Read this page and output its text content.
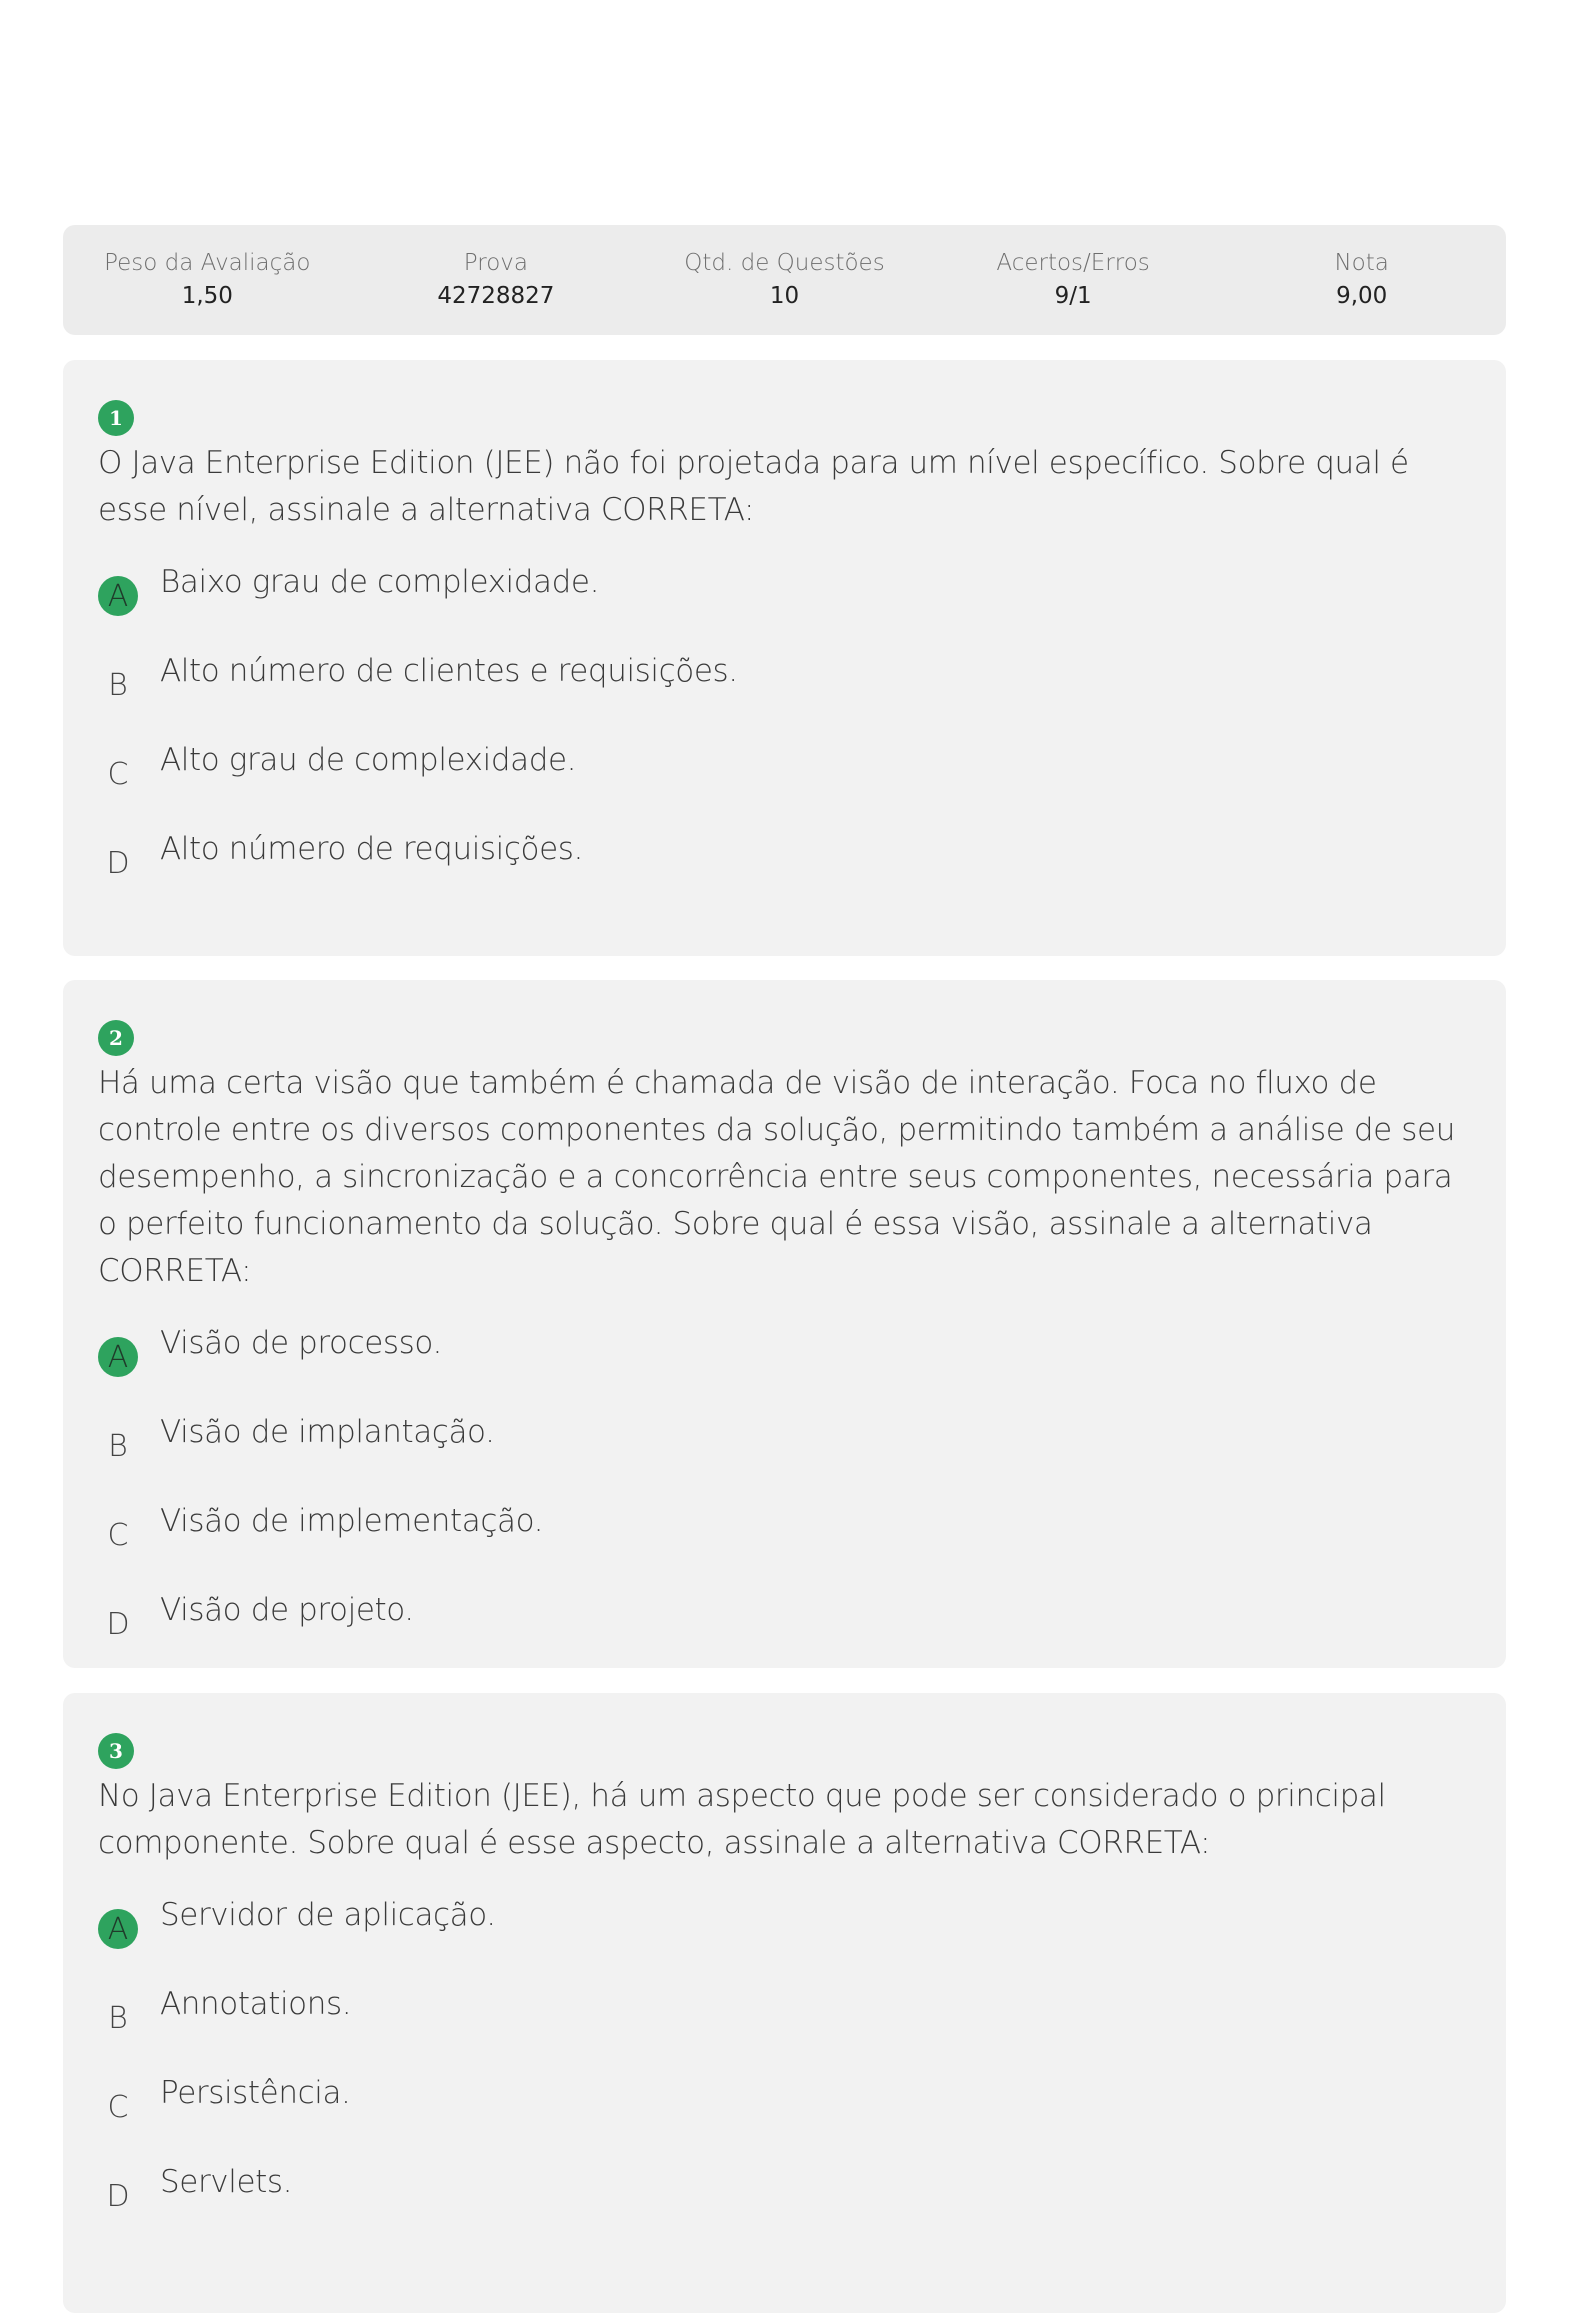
Peso da Avaliação
1,50
Prova
42728827
Qtd. de Questões
10
Acertos/Erros
9/1
Nota
9,00
1
O Java Enterprise Edition (JEE) não foi projetada para um nível específico. Sobre qual é esse nível, assinale a alternativa CORRETA:
A	Baixo grau de complexidade.
B	Alto número de clientes e requisições.
C	Alto grau de complexidade.
D Alto número de requisições.
2
Há uma certa visão que também é chamada de visão de interação. Foca no fluxo de controle entre os diversos componentes da solução, permitindo também a análise de seu desempenho, a sincronização e a concorrência entre seus componentes, necessária para o perfeito funcionamento da solução. Sobre qual é essa visão, assinale a alternativa CORRETA:
A	Visão de processo.
B	Visão de implantação.
C	Visão de implementação.
D Visão de projeto.
3
No Java Enterprise Edition (JEE), há um aspecto que pode ser considerado o principal componente. Sobre qual é esse aspecto, assinale a alternativa CORRETA:
A	Servidor de aplicação.
B	Annotations.
C	Persistência.
D Servlets.
